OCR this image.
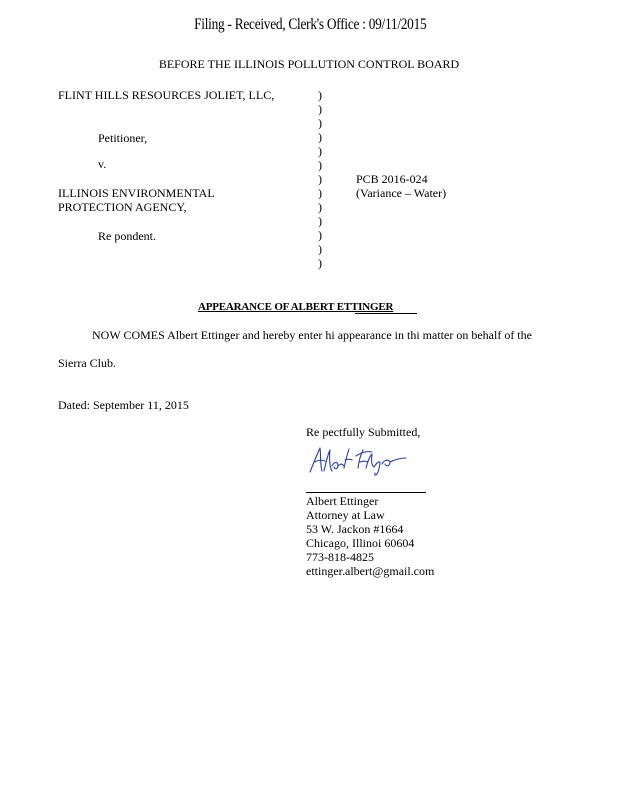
Filing - Received, Clerk's Office : 09/11/2015
BEFORE THE ILLINOIS POLLUTION CONTROL BOARD
FLINT HILLS RESOURCES JOLIET, LLC,
Petitioner,
v.
ILLINOIS ENVIRONMENTAL
PROTECTION AGENCY,
Re pondent.
)
)
)
)
)
)
)
)
)
)
)
)
)
PCB 2016-024
(Variance – Water)
APPEARANCE OF ALBERT ETTINGER
NOW COMES Albert Ettinger and hereby enter hi appearance in thi matter on behalf of the
Sierra Club.
Dated: September 11, 2015
Re pectfully Submitted,
Albert Ettinger
Attorney at Law
53 W. Jackon #1664
Chicago, Illinoi 60604
773-818-4825
ettinger.albert@gmail.com
